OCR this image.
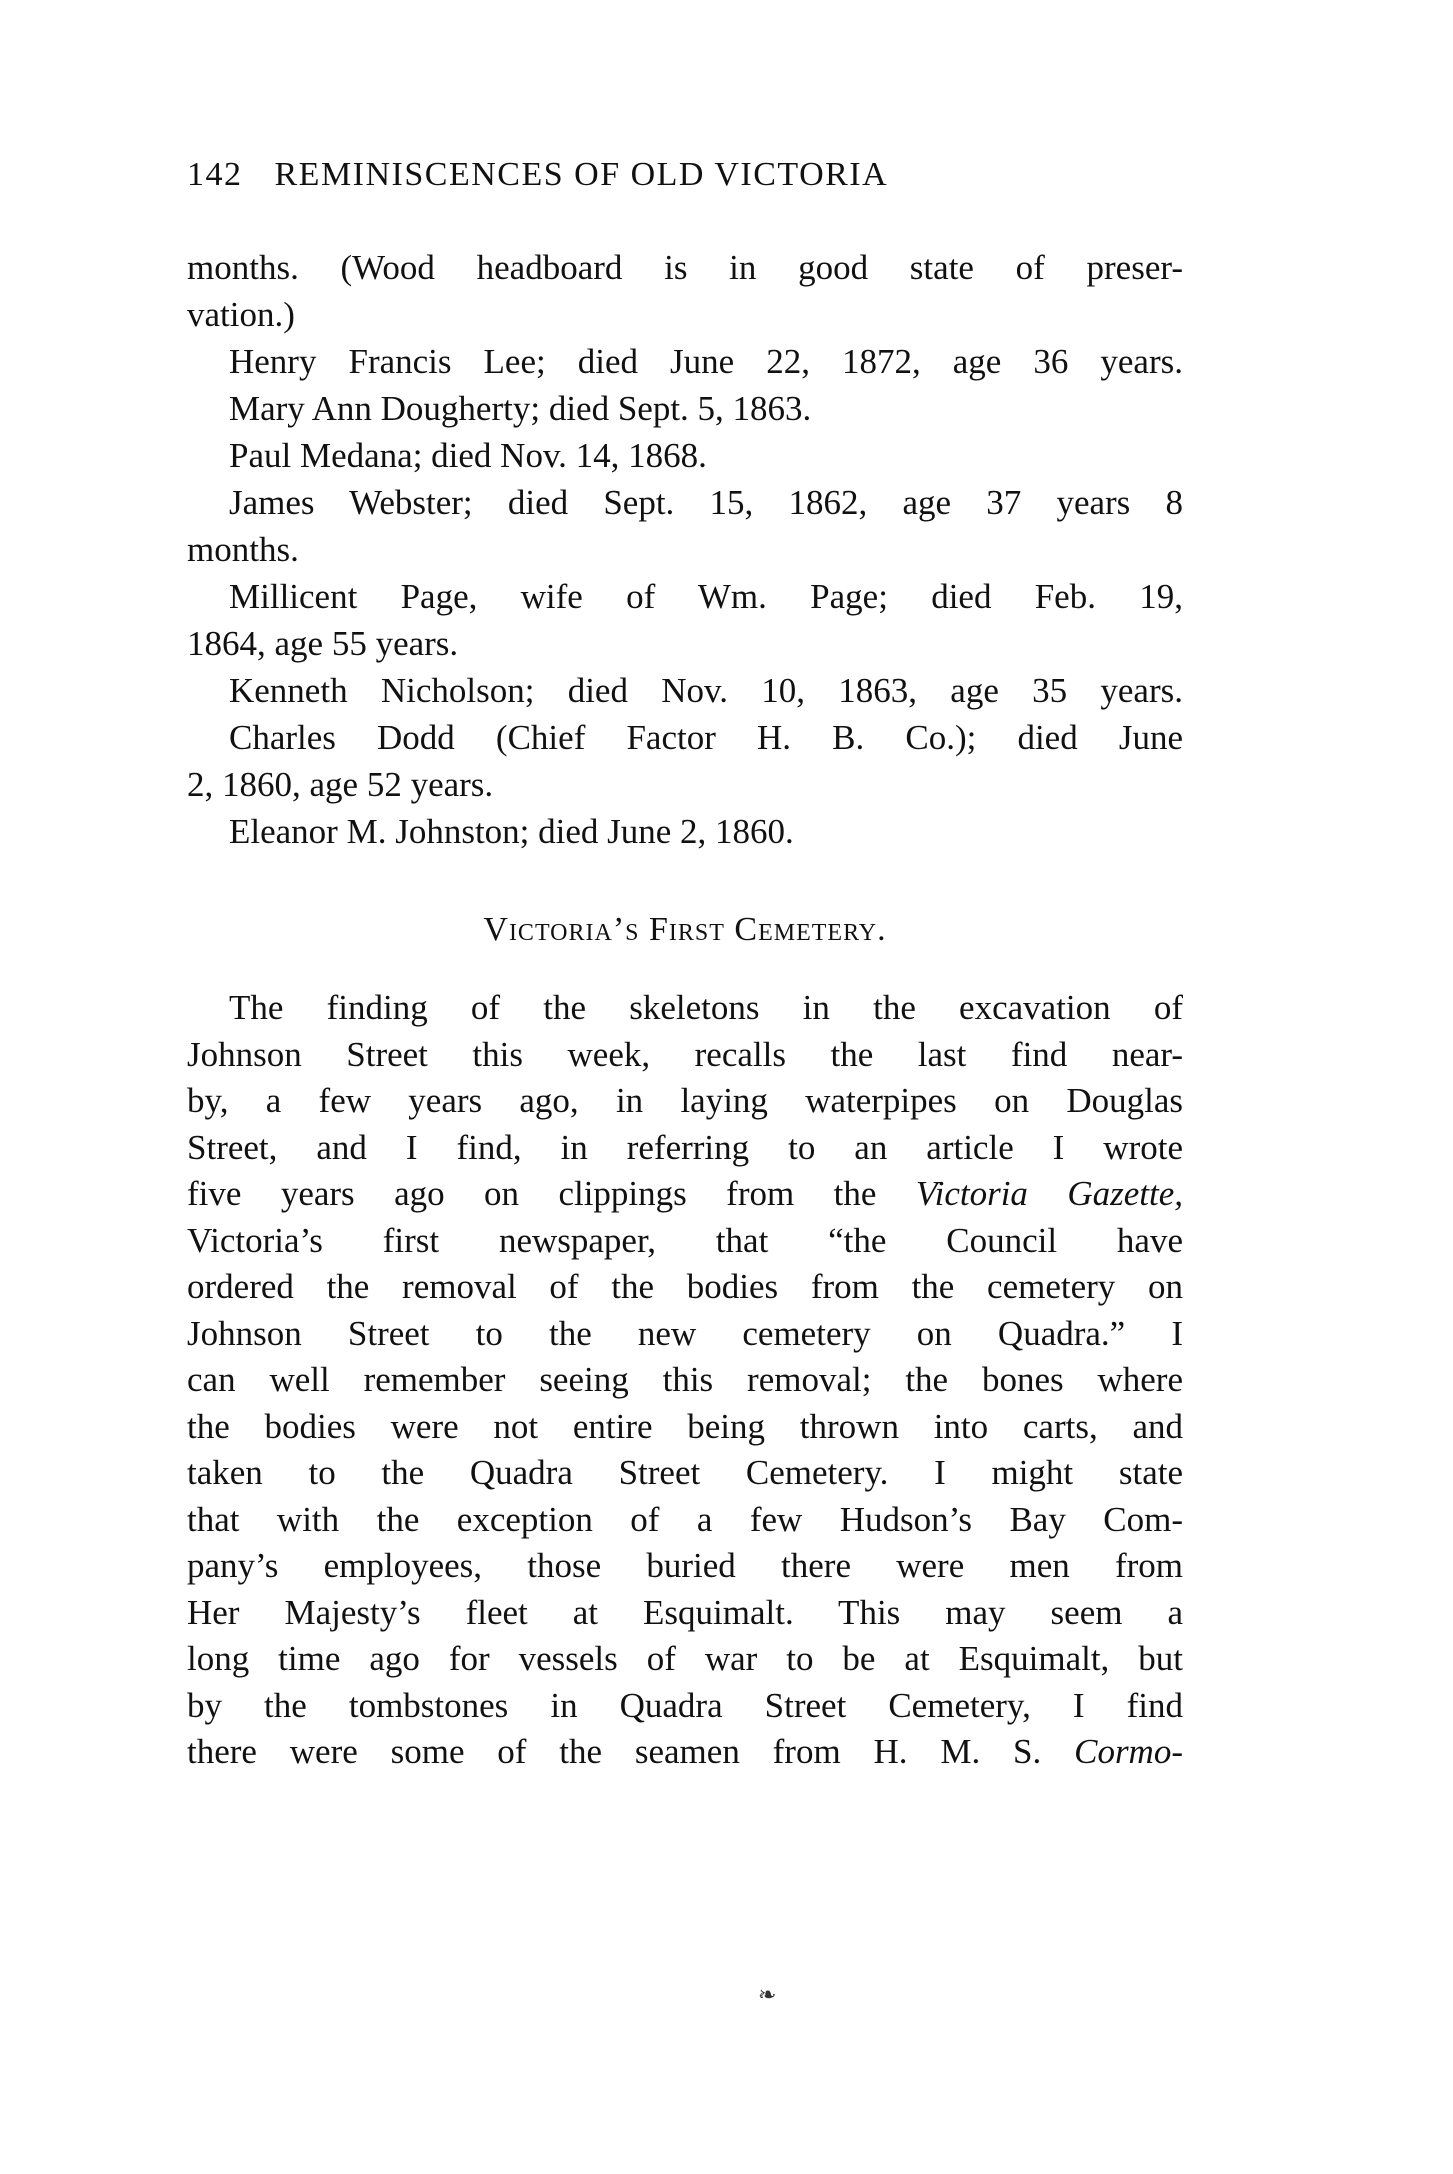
142 REMINISCENCES OF OLD VICTORIA
months. (Wood headboard is in good state of preser-
vation.)
Henry Francis Lee; died June 22, 1872, age 36 years.
Mary Ann Dougherty; died Sept. 5, 1863.
Paul Medana; died Nov. 14, 1868.
James Webster; died Sept. 15, 1862, age 37 years 8
months.
Millicent Page, wife of Wm. Page; died Feb. 19,
1864, age 55 years.
Kenneth Nicholson; died Nov. 10, 1863, age 35 years.
Charles Dodd (Chief Factor H. B. Co.); died June
2, 1860, age 52 years.
Eleanor M. Johnston; died June 2, 1860.
Victoria’s First Cemetery.
The finding of the skeletons in the excavation of
Johnson Street this week, recalls the last find near-
by, a few years ago, in laying waterpipes on Douglas
Street, and I find, in referring to an article I wrote
five years ago on clippings from the Victoria Gazette,
Victoria’s first newspaper, that “the Council have
ordered the removal of the bodies from the cemetery on
Johnson Street to the new cemetery on Quadra.” I
can well remember seeing this removal; the bones where
the bodies were not entire being thrown into carts, and
taken to the Quadra Street Cemetery. I might state
that with the exception of a few Hudson’s Bay Com-
pany’s employees, those buried there were men from
Her Majesty’s fleet at Esquimalt. This may seem a
long time ago for vessels of war to be at Esquimalt, but
by the tombstones in Quadra Street Cemetery, I find
there were some of the seamen from H. M. S. Cormo-
❧
